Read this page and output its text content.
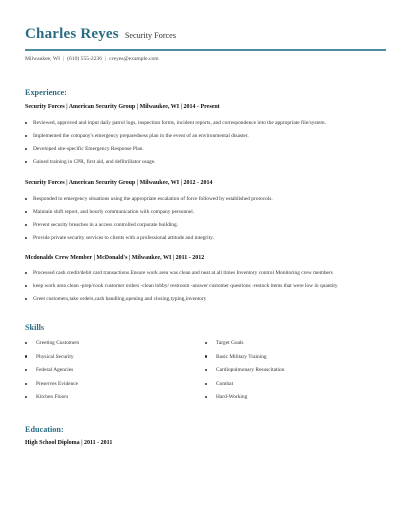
Charles Reyes Security Forces
Milwaukee, WI | (610) 555-2236 | creyes@example.com
Experience:
Security Forces | American Security Group | Milwaukee, WI | 2014 - Present
Reviewed, approved and input daily patrol logs, inspection forms, incident reports, and correspondence into the appropriate file/system.
Implemented the company's emergency preparedness plan in the event of an environmental disaster.
Developed site-specific Emergency Response Plan.
Gained training in CPR, first aid, and defibrillator usage.
Security Forces | American Security Group | Milwaukee, WI | 2012 - 2014
Responded to emergency situations using the appropriate escalation of force followed by established protocols.
Maintain shift report, and hourly communication with company personnel.
Prevent security breaches in a access controlled corporate building.
Provide private security services to clients with a professional attitude and integrity.
Mcdonalds Crew Member | McDonald's | Milwaukee, WI | 2011 - 2012
Processed cash credit/debit card transactions Ensure work area was clean and neat at all times Inventory control Monitoring crew members
keep work area clean -prep/cook customer orders -clean lobby/ restroom -answer customer questions -restock items that were low in quantity
Greet customers,take orders,cash handling,opening and closing,typing,inventory
Skills
Greeting Customers	Target Goals
Physical Security	Basic Military Training
Federal Agencies	Cardiopulmonary Resuscitation
Preserves Evidence	Combat
Kitchen Floors	Hard-Working
Education:
High School Diploma | 2011 - 2011
